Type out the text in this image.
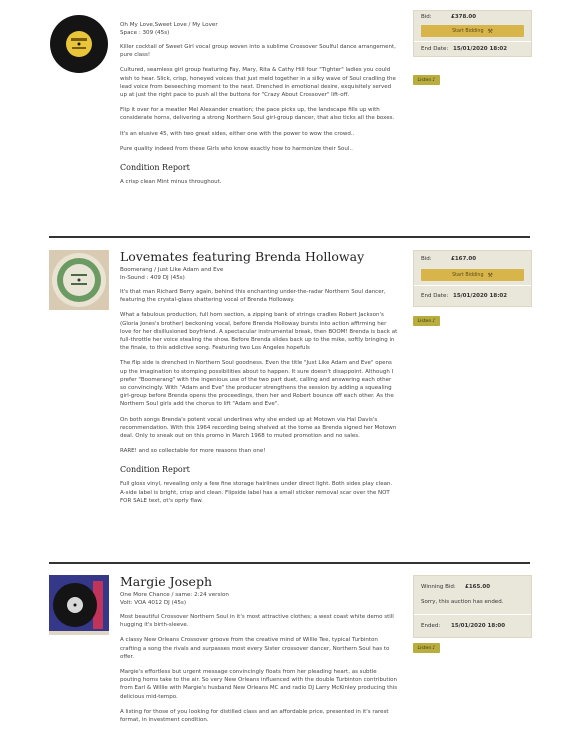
Oh My Love,Sweet Love / My Lover

Space : 309 (45s)

Killer cocktail of Sweet Girl vocal group woven into a sublime Crossover Soulful dance arrangement, pure class!

Cultured, seamless girl group featuring Fay, Mary, Rita & Cathy Hill four "Tighter" ladies you could wish to hear. Slick, crisp, honeyed voices that just meld together in a silky wave of Soul cradling the lead voice from beseeching moment to the next. Drenched in emotional desire, exquisitely served up at just the right pace to push all the buttons for "Crazy About Crossover" lift-off.

Flip it over for a meatier Mel Alexander creation; the pace picks up, the landscape fills up with considerate horns, delivering a strong Northern Soul girl-group dancer, that also ticks all the boxes.

It's an elusive 45, with two great sides, either one with the power to wow the crowd..

Pure quality indeed from these Girls who know exactly how to harmonize their Soul..

Condition Report

A crisp clean Mint minus throughout.

Bid:	£378.00
Start Bidding ⚒
End Date: 15/01/2020 18:02
Listen ♪
Lovemates featuring Brenda Holloway

Boomerang / Just Like Adam and Eve

In-Sound : 409 DJ (45s)

It's that man Richard Berry again, behind this enchanting under-the-radar Northern Soul dancer, featuring the crystal-glass shattering vocal of Brenda Holloway.

What a fabulous production, full horn section, a zipping bank of strings cradles Robert Jackson's (Gloria Jones's brother) beckoning vocal, before Brenda Holloway bursts into action affirming her love for her disillusioned boyfriend. A spectacular instrumental break, then BOOM! Brenda is back at full-throttle her voice stealing the show. Before Brenda slides back up to the mike, softly bringing in the finale, to this addictive song. Featuring two Los Angeles hopefuls

The flip side is drenched in Northern Soul goodness. Even the title "Just Like Adam and Eve" opens up the imagination to stomping possibilities about to happen. It sure doesn't disappoint. Although I prefer "Boomerang" with the ingenious use of the two part duet, calling and answering each other so convincingly. With "Adam and Eve" the producer strengthens the session by adding a squealing girl-group before Brenda opens the proceedings, then her and Robert bounce off each other. As the Northern Soul girls add the chorus to lift "Adam and Eve".

On both songs Brenda's potent vocal underlines why she ended up at Motown via Hal Davis's recommendation. With this 1964 recording being shelved at the tome as Brenda signed her Motown deal. Only to sneak out on this promo in March 1968 to muted promotion and no sales.

RARE! and so collectable for more reasons than one!

Condition Report

Full gloss vinyl, revealing only a few fine storage hairlines under direct light. Both sides play clean. A-side label is bright, crisp and clean. Flipside label has a small sticker removal scar over the NOT FOR SALE text, ot's oprly flaw.

Bid:	£167.00
Start Bidding ⚒
End Date: 15/01/2020 18:02
Listen ♪
Margie Joseph

One More Chance / same: 2:24 version

Volt: VOA 4012 DJ (45s)

Most beautiful Crossover Northern Soul in it's most attractive clothes; a west coast white demo still hugging it's birth-sleeve.

A classy New Orleans Crossover groove from the creative mind of Willie Tee, typical Turbinton crafting a song the rivals and surpasses most every Sister crossover dancer, Northern Soul has to offer.

Margie's effortless but urgent message convincingly floats from her pleading heart, as subtle pouting horns take to the air. So very New Orleans influenced with the double Turbinton contribution from Earl & Willie with Margie's husband New Orleans MC and radio DJ Larry McKinley producing this delicious mid-tempo.

A listing for those of you looking for distilled class and an affordable price, presented in it's rarest format, in investment condition.

Winning Bid:	£165.00
Sorry, this auction has ended.
Ended:	15/01/2020 18:00
Listen ♪
